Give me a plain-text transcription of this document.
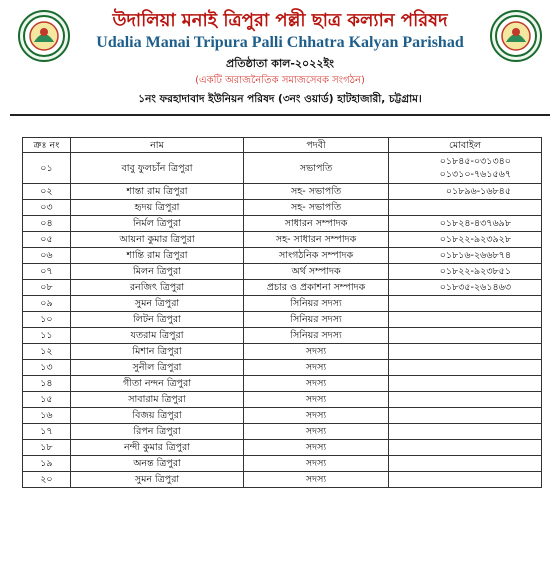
উদালিয়া মনাই ত্রিপুরা পল্লী ছাত্র কল্যান পরিষদ
Udalia Manai Tripura Palli Chhatra Kalyan Parishad
প্রতিষ্ঠাতা কাল-২০২২ইং
(একটি অরাজনৈতিক সমাজসেবক সংগঠন)
১নং ফরহাদাবাদ ইউনিয়ন পরিষদ (৩নং ওয়ার্ড) হাটহাজারী, চট্টগ্রাম।
ক্রঃ নং	নাম	পদবী	মোবাইল
০১	বাবু ফুলচাঁন ত্রিপুরা	সভাপতি	০১৮৪৫-০৩১৩৪০
০১৩১০-৭৬১৫৬৭

০২	শান্তা রাম ত্রিপুরা	সহ- সভাপতি	০১৮৯৬-১৬৮৪৫

০৩	হৃদয় ত্রিপুরা	সহ- সভাপতি	

০৪	নির্মল ত্রিপুরা	সাধারন সম্পাদক	০১৮২৪-৪৩৭৬৯৮

০৫	আয়না কুমার ত্রিপুরা	সহ- সাধারন সম্পাদক	০১৮২২-৯২৩৯২৮

০৬	শান্তি রাম ত্রিপুরা	সাংগঠনিক সম্পাদক	০১৮১৬-২৬৬৮৭৪

০৭	মিলন ত্রিপুরা	অর্থ সম্পাদক	০১৮২২-৯২৩৮৫১

০৮	রনজিৎ ত্রিপুরা	প্রচার ও প্রকাশনা সম্পাদক	০১৮৩৫-২৬১৪৬৩

০৯	সুমন ত্রিপুরা	সিনিয়র সদস্য	

১০	লিটন ত্রিপুরা	সিনিয়র সদস্য	

১১	যতরাম ত্রিপুরা	সিনিয়র সদস্য	

১২	মিশান ত্রিপুরা	সদস্য	

১৩	সুনীল ত্রিপুরা	সদস্য	

১৪	গীতা নন্দন ত্রিপুরা	সদস্য	

১৫	সাবারাম ত্রিপুরা	সদস্য	

১৬	বিজয় ত্রিপুরা	সদস্য	

১৭	রিপন ত্রিপুরা	সদস্য	

১৮	নন্দী কুমার ত্রিপুরা	সদস্য	

১৯	অনন্ত ত্রিপুরা	সদস্য	

২০	সুমন ত্রিপুরা	সদস্য	
